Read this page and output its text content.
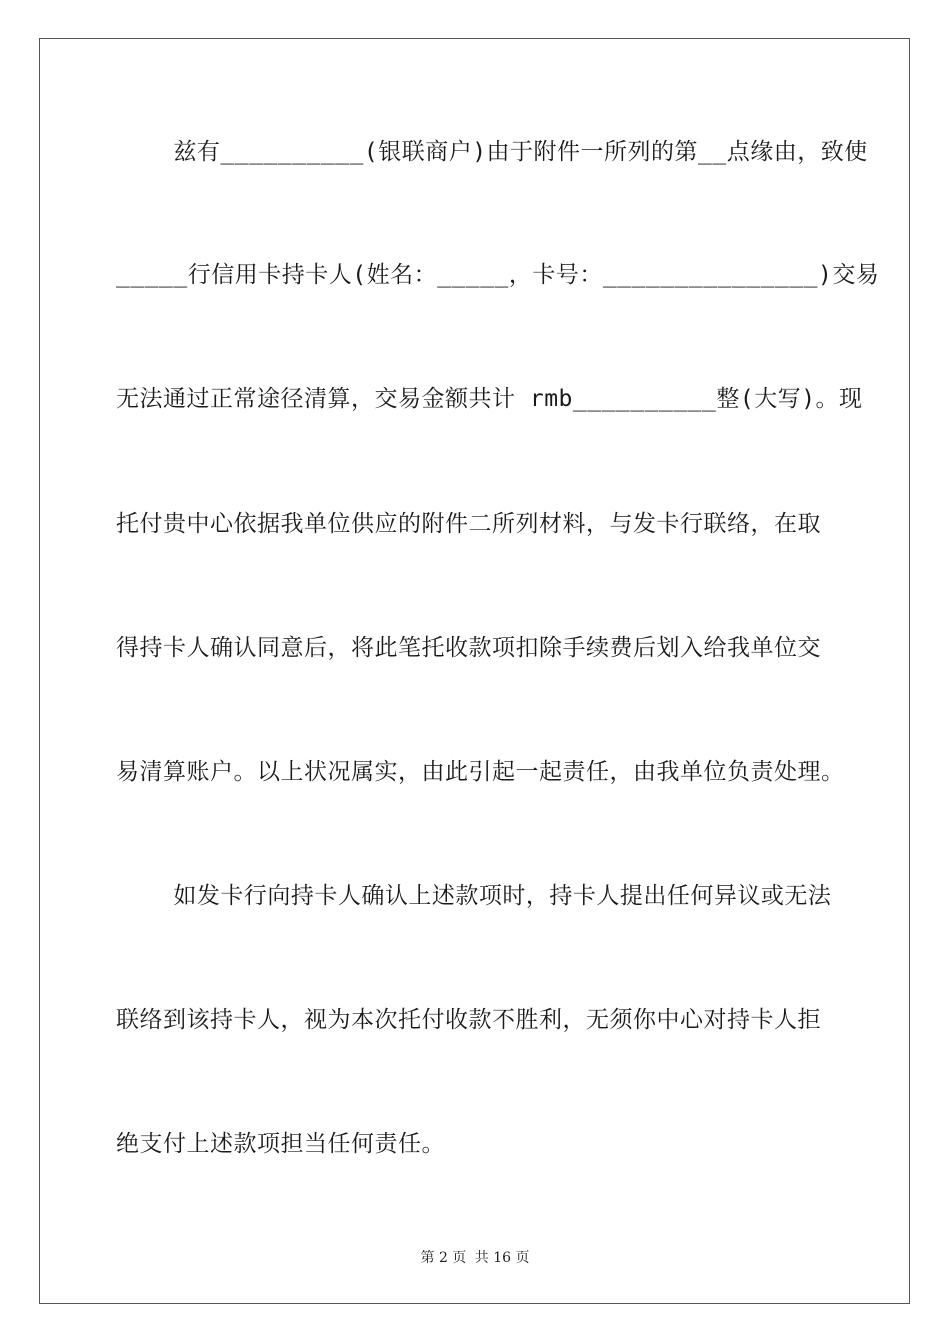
兹有__________(银联商户)由于附件一所列的第__点缘由，致使
_____行信用卡持卡人(姓名：_____，卡号：_______________)交易
无法通过正常途径清算，交易金额共计 rmb__________整(大写)。现
托付贵中心依据我单位供应的附件二所列材料，与发卡行联络，在取
得持卡人确认同意后，将此笔托收款项扣除手续费后划入给我单位交
易清算账户。以上状况属实，由此引起一起责任，由我单位负责处理。
如发卡行向持卡人确认上述款项时，持卡人提出任何异议或无法
联络到该持卡人，视为本次托付收款不胜利，无须你中心对持卡人拒
绝支付上述款项担当任何责任。
第 2 页 共 16 页
